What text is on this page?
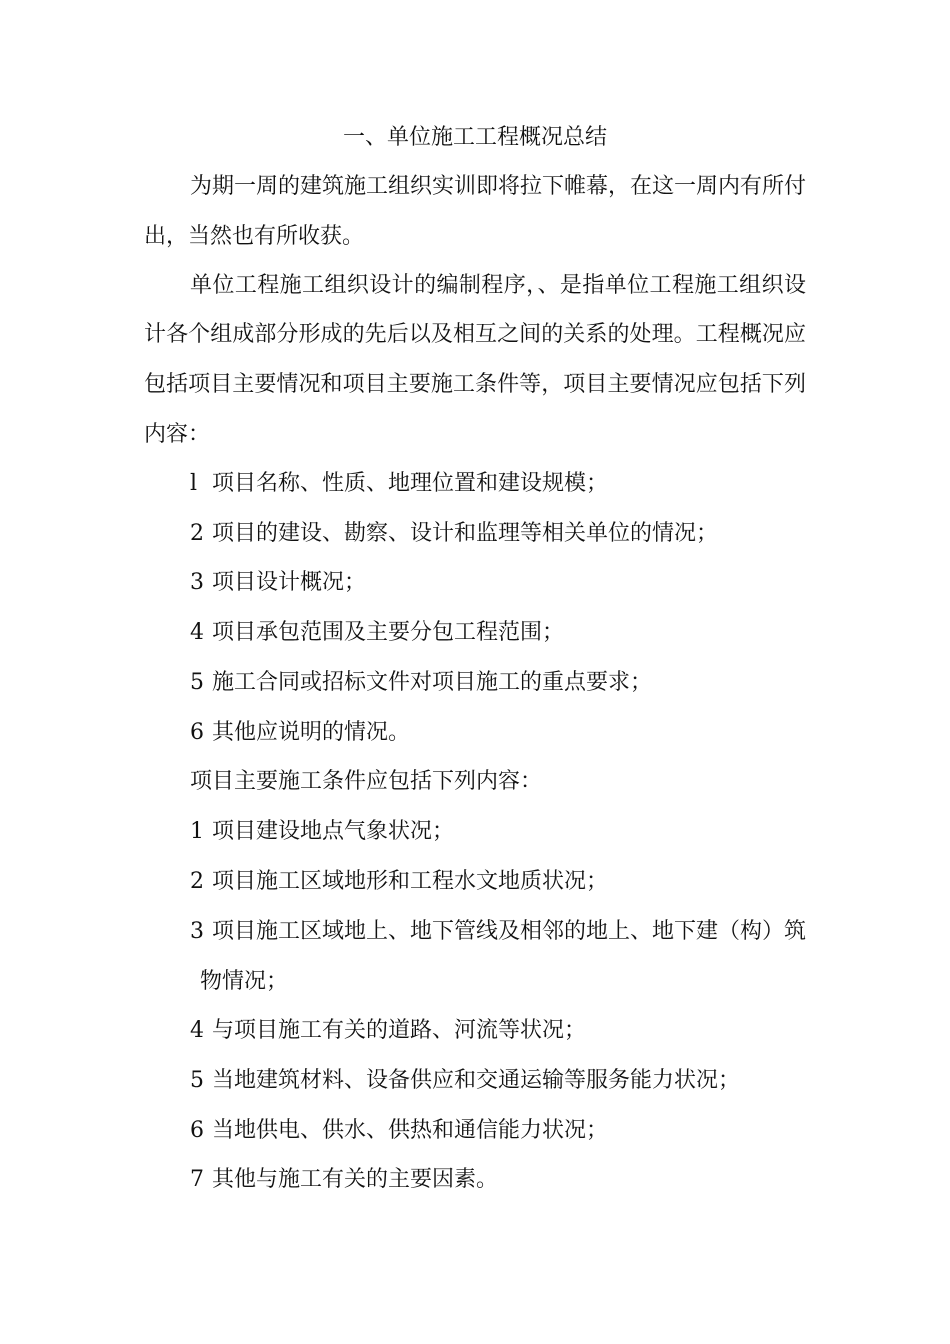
一、单位施工工程概况总结
为期一周的建筑施工组织实训即将拉下帷幕，在这一周内有所付
出，当然也有所收获。
单位工程施工组织设计的编制程序，、是指单位工程施工组织设
计各个组成部分形成的先后以及相互之间的关系的处理。工程概况应
包括项目主要情况和项目主要施工条件等，项目主要情况应包括下列
内容：
l 项目名称、性质、地理位置和建设规模；
2 项目的建设、勘察、设计和监理等相关单位的情况；
3 项目设计概况；
4 项目承包范围及主要分包工程范围；
5 施工合同或招标文件对项目施工的重点要求；
6 其他应说明的情况。
项目主要施工条件应包括下列内容：
1 项目建设地点气象状况；
2 项目施工区域地形和工程水文地质状况；
3 项目施工区域地上、地下管线及相邻的地上、地下建（构）筑
物情况；
4 与项目施工有关的道路、河流等状况；
5 当地建筑材料、设备供应和交通运输等服务能力状况；
6 当地供电、供水、供热和通信能力状况；
7 其他与施工有关的主要因素。
